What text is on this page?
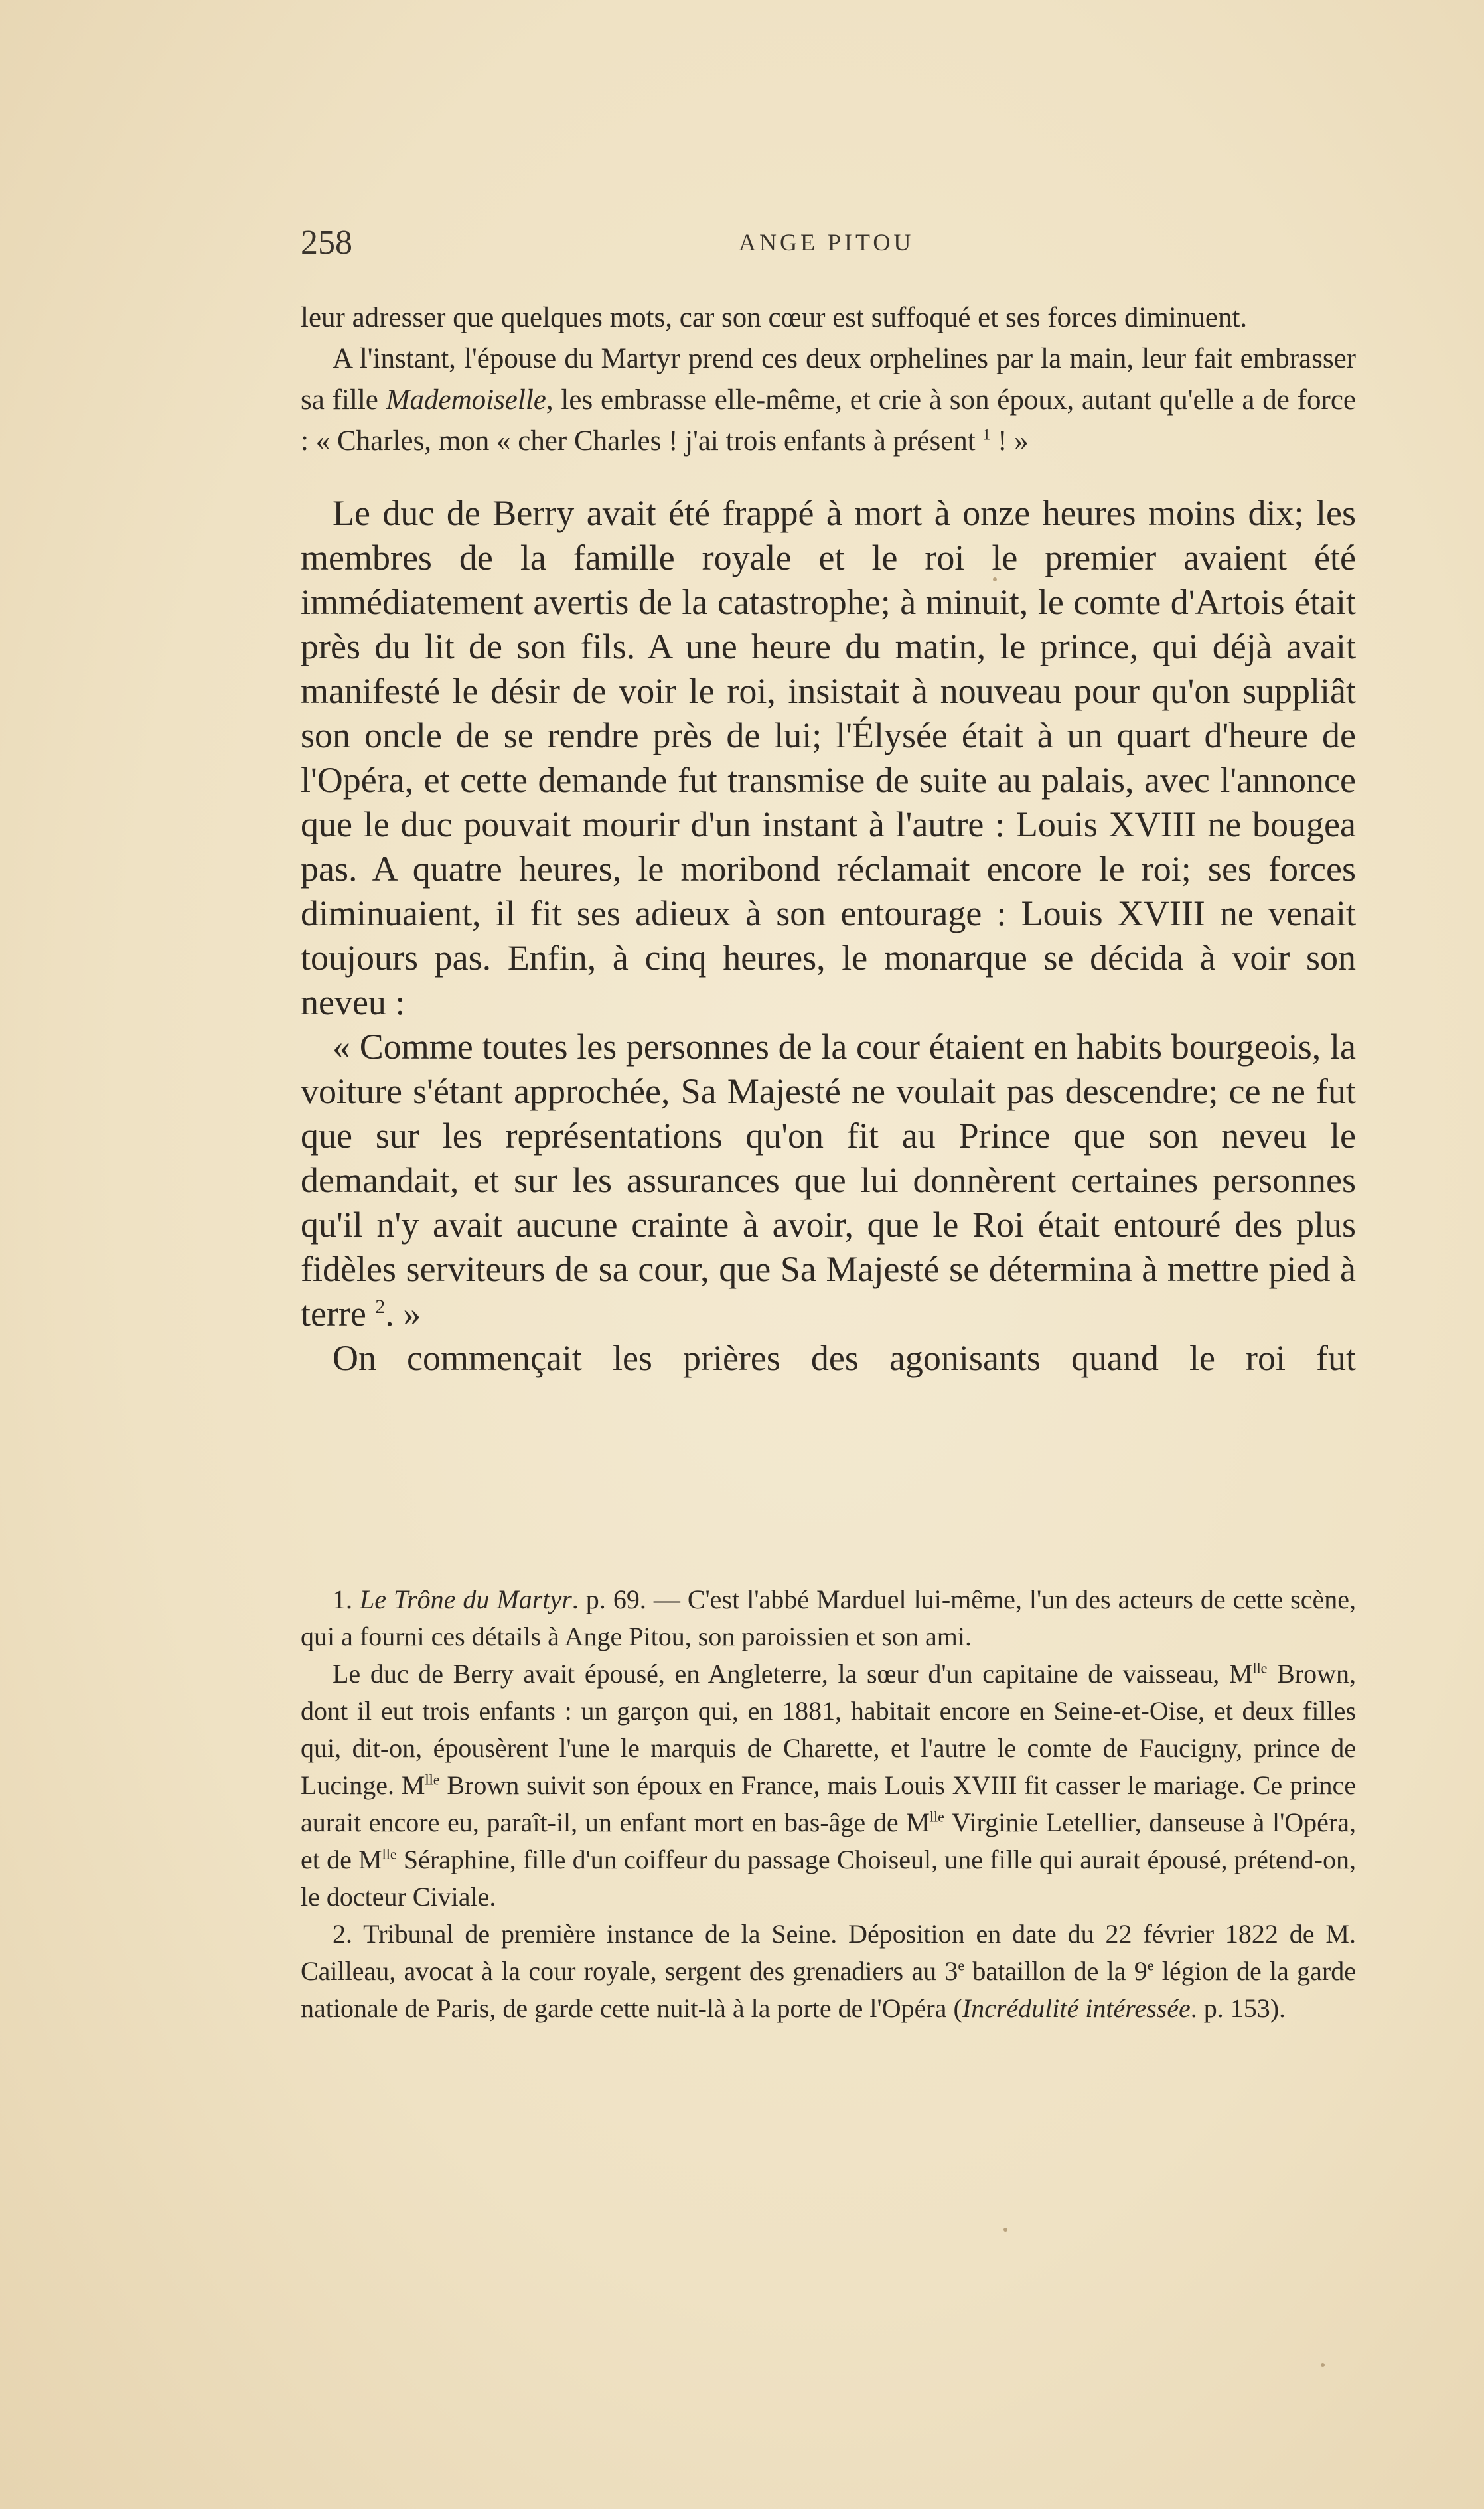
258	ANGE PITOU

leur adresser que quelques mots, car son cœur est suffoqué et ses forces diminuent.

A l'instant, l'épouse du Martyr prend ces deux orphelines par la main, leur fait embrasser sa fille Mademoiselle, les embrasse elle-même, et crie à son époux, autant qu'elle a de force : « Charles, mon « cher Charles ! j'ai trois enfants à présent $^1$ ! »

Le duc de Berry avait été frappé à mort à onze heures moins dix; les membres de la famille royale et le roi le premier avaient été immédiatement avertis de la catastrophe; à minuit, le comte d'Artois était près du lit de son fils. A une heure du matin, le prince, qui déjà avait manifesté le désir de voir le roi, insistait à nouveau pour qu'on suppliât son oncle de se rendre près de lui; l'Élysée était à un quart d'heure de l'Opéra, et cette demande fut transmise de suite au palais, avec l'annonce que le duc pouvait mourir d'un instant à l'autre : Louis XVIII ne bougea pas. A quatre heures, le moribond réclamait encore le roi; ses forces diminuaient, il fit ses adieux à son entourage : Louis XVIII ne venait toujours pas. Enfin, à cinq heures, le monarque se décida à voir son neveu :

« Comme toutes les personnes de la cour étaient en habits bourgeois, la voiture s'étant approchée, Sa Majesté ne voulait pas descendre; ce ne fut que sur les représentations qu'on fit au Prince que son neveu le demandait, et sur les assurances que lui donnèrent certaines personnes qu'il n'y avait aucune crainte à avoir, que le Roi était entouré des plus fidèles serviteurs de sa cour, que Sa Majesté se détermina à mettre pied à terre $^2$. »

On commençait les prières des agonisants quand le roi fut

1. Le Trône du Martyr. p. 69. — C'est l'abbé Marduel lui-même, l'un des acteurs de cette scène, qui a fourni ces détails à Ange Pitou, son paroissien et son ami.

Le duc de Berry avait épousé, en Angleterre, la sœur d'un capitaine de vaisseau, $M^{lle}$ Brown, dont il eut trois enfants : un garçon qui, en 1881, habitait encore en Seine-et-Oise, et deux filles qui, dit-on, épousèrent l'une le marquis de Charette, et l'autre le comte de Faucigny, prince de Lucinge. $M^{lle}$ Brown suivit son époux en France, mais Louis XVIII fit casser le mariage. Ce prince aurait encore eu, paraît-il, un enfant mort en bas-âge de $M^{lle}$ Virginie Letellier, danseuse à l'Opéra, et de $M^{lle}$ Séraphine, fille d'un coiffeur du passage Choiseul, une fille qui aurait épousé, prétend-on, le docteur Civiale.

2. Tribunal de première instance de la Seine. Déposition en date du 22 février 1822 de M. Cailleau, avocat à la cour royale, sergent des grenadiers au 3e bataillon de la 9e légion de la garde nationale de Paris, de garde cette nuit-là à la porte de l'Opéra (Incrédulité intéressée. p. 153).
